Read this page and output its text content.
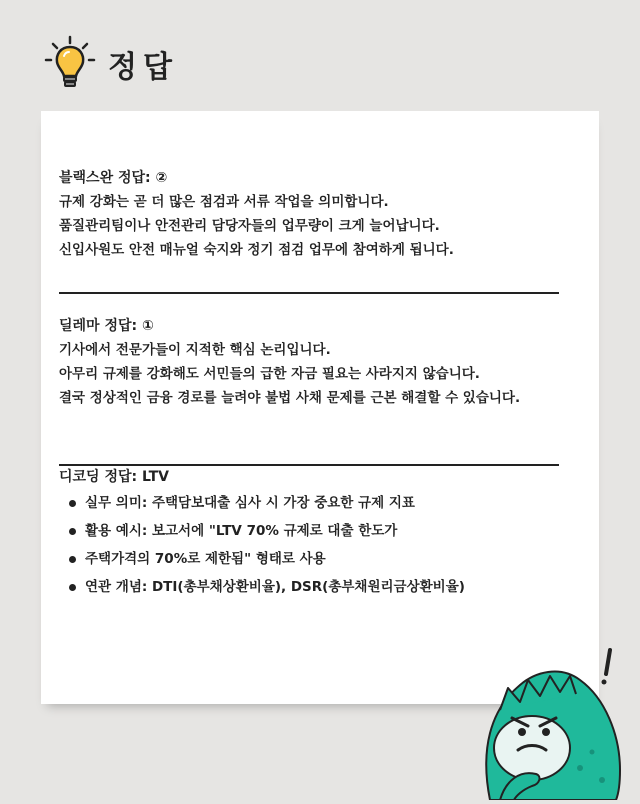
정답
블랙스완 정답: ②
규제 강화는 곧 더 많은 점검과 서류 작업을 의미합니다.
품질관리팀이나 안전관리 담당자들의 업무량이 크게 늘어납니다.
신입사원도 안전 매뉴얼 숙지와 정기 점검 업무에 참여하게 됩니다.
딜레마 정답: ①
기사에서 전문가들이 지적한 핵심 논리입니다.
아무리 규제를 강화해도 서민들의 급한 자금 필요는 사라지지 않습니다.
결국 정상적인 금융 경로를 늘려야 불법 사채 문제를 근본 해결할 수 있습니다.
디코딩 정답: LTV
실무 의미: 주택담보대출 심사 시 가장 중요한 규제 지표
활용 예시: 보고서에 "LTV 70% 규제로 대출 한도가
주택가격의 70%로 제한됨" 형태로 사용
연관 개념: DTI(총부채상환비율), DSR(총부채원리금상환비율)
